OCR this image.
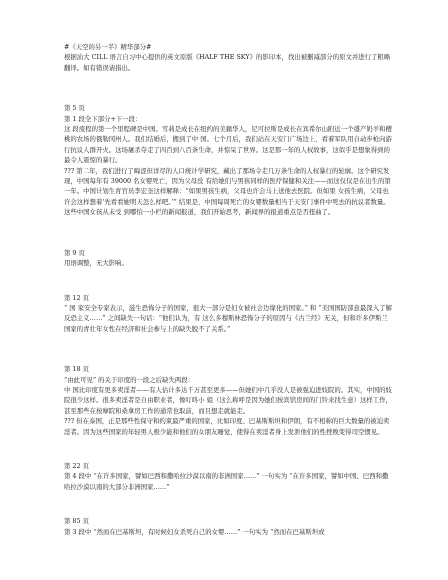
#《天空的另一半》精华部分#

根据汕大 CILL 语言自习中心提供的英文原版《HALF THE SKY》的影印本，找出被删减部分的原文并进行了粗略翻译。如有错误请指出。

第 5 页

第 1 段全下部分+下一段：

这 段废程的第一个里程碑是中国。雪莉是成长在纽约的美籍华人，尼可拉斯是成长在宾希尔山附近一个盛产奶羊和樱桃的农场的俄勒冈州人。我们结婚后，搬到了中 国。七个月后，我们站在天安门广场边上，看着军队用自动步枪向游行抗议人群开火。这场屠杀夺走了四百到八百条生命，并惊呆了世界。这是那一年的人权故事，这似乎是想象得到的最令人震惊的暴行。

??? 第二年，我们进行了晦涩但详尽的人口统计学研究，藏出了那场令走几万条生命的人权暴行的轮廓。这个研究发现，中国每年有 39000 名女婴死亡，因为父母没 有给她们与男孩同样的医疗保健和关注——而这仅仅是在出生的第一年。中国计划生育官员李宏奎这样解释：“如果男孩生病，父母也许会马上送他去医院。但如果 女孩生病，父母也许会这样想着‘先看看她明天怎么样吧。’” 结果是，中国每周死亡的女婴数量相当于天安门事件中死去的抗议者数量。这些中国女孩从未受 到哪怕一小栏的新闻报道，我们开始思考，新闻界的报道重点是否扭曲了。

第 9 页

用语调整，无大影响。

第 12 页

“ 国 家安全专家表示，滋生恐怖分子的国家，很大一部分是妇女被社会边缘化的国家。” 和 “美国国防部意最深入了解反恐主义……” 之间缺失一句话：“他们认为，有 这么多穆斯林恐怖分子的原因与《古兰经》无关，但和许多伊斯兰国家的青壮年女性在经济和社会参与上的缺失脱不了关系。”

第 18 页

“由此可见” 的关于印度的一段之后缺失两段：

中 国比印度有更多卖淫者——有人估计多达千万甚至更多——但她们中几乎没人是被强迫进妓院的。其实，中国的妓院很少这样。很多卖淫者是自由职业者，像叮咚小 姐（这么称呼是因为她们按宾馆房间的门铃来找生意）这样工作，甚至那些在按摩院和桑拿房工作的通常也取前，而且想走就能走。

??? 但在泰国，正是那些性保守和约束最严重的国家，比如印度、巴基斯斯坦和伊朗，有不相称的巨大数量的被迫卖淫者。因为这些国家的年轻男人极少能和他们的女朋友睡觉，使得在卖淫者身上发泄他们的性挫败变得司空惯见。

第 22 页

第 4 段中 “在许多国家，譬如巴西和撒哈拉沙漠以南的非洲国家……” 一句实为 “在许多国家，譬如中国、巴西和撒哈拉沙漠以南的大部分非洲国家……”

第 85 页

第 3 段中 “然而在巴基斯坦，有时候妇女杀死自己的女婴……” 一句实为 “然而在巴基斯坦或
